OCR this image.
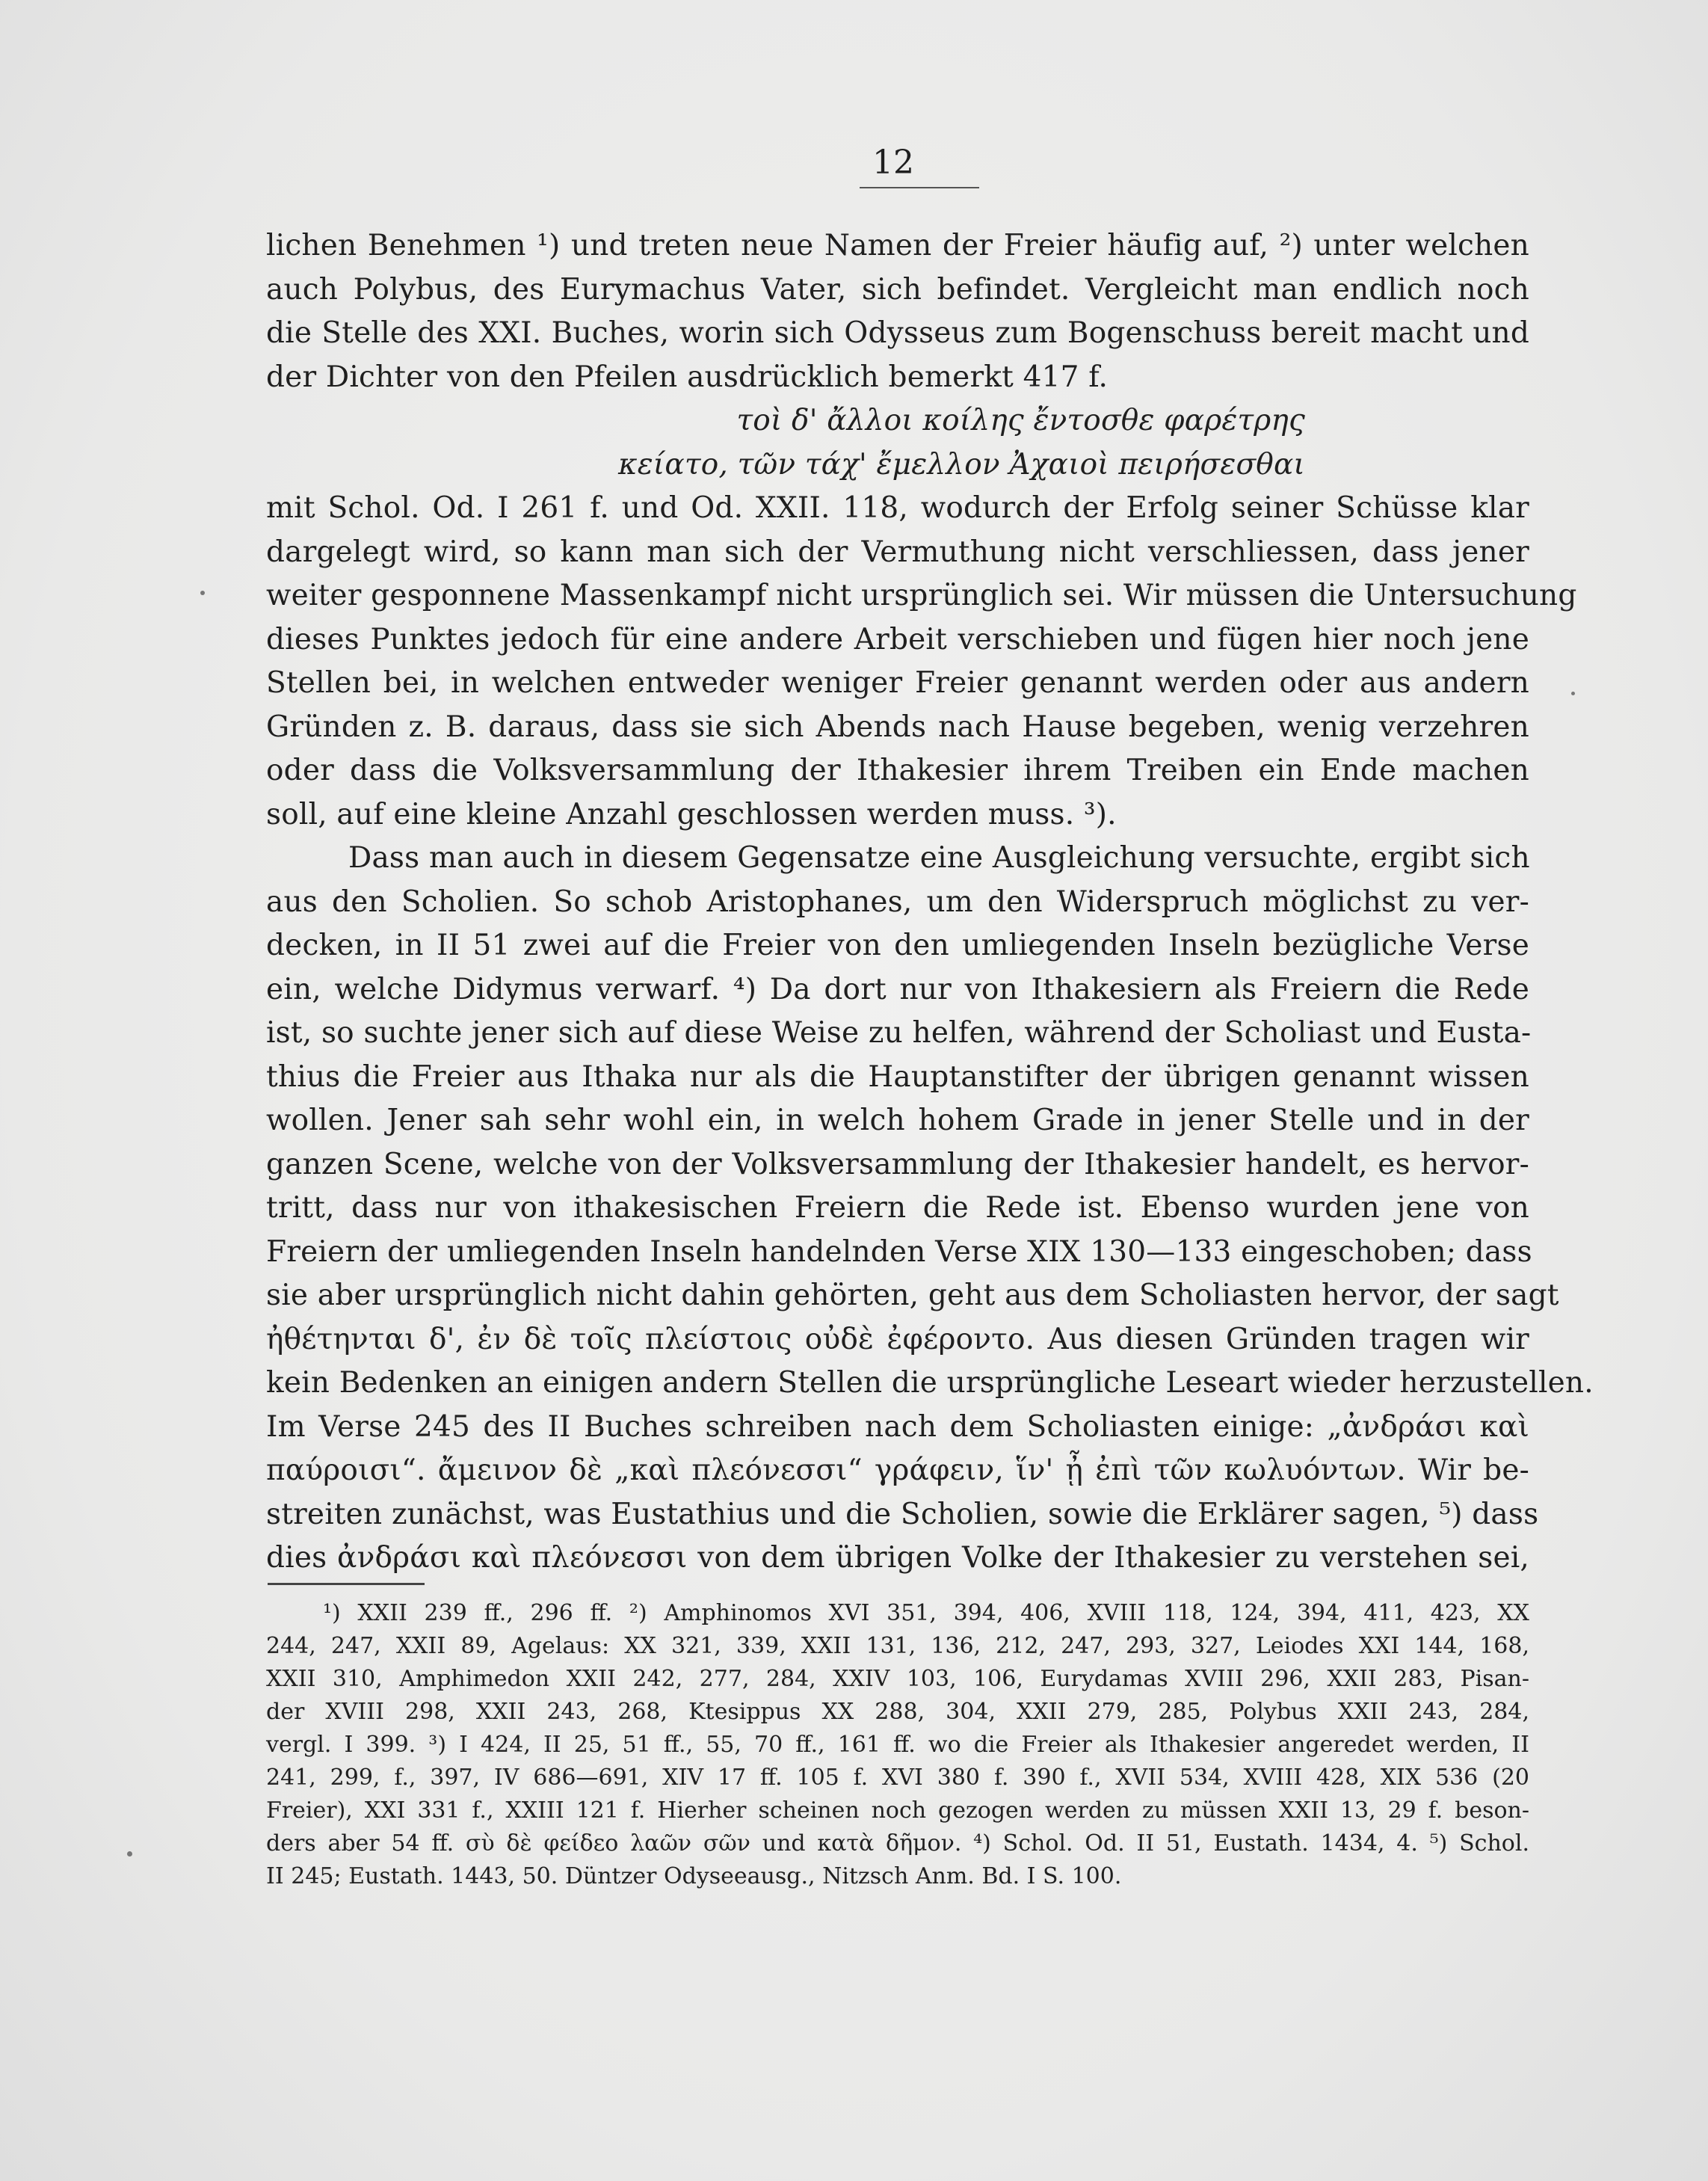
12
lichen Benehmen ¹) und treten neue Namen der Freier häufig auf, ²) unter welchen
auch Polybus, des Eurymachus Vater, sich befindet. Vergleicht man endlich noch
die Stelle des XXI. Buches, worin sich Odysseus zum Bogenschuss bereit macht und
der Dichter von den Pfeilen ausdrücklich bemerkt 417 f.
τοὶ δ' ἄλλοι κοίλης ἔντοσθε φαρέτρης
κείατο, τῶν τάχ' ἔμελλον Ἀχαιοὶ πειρήσεσθαι
mit Schol. Od. I 261 f. und Od. XXII. 118, wodurch der Erfolg seiner Schüsse klar
dargelegt wird, so kann man sich der Vermuthung nicht verschliessen, dass jener
weiter gesponnene Massenkampf nicht ursprünglich sei. Wir müssen die Untersuchung
dieses Punktes jedoch für eine andere Arbeit verschieben und fügen hier noch jene
Stellen bei, in welchen entweder weniger Freier genannt werden oder aus andern
Gründen z. B. daraus, dass sie sich Abends nach Hause begeben, wenig verzehren
oder dass die Volksversammlung der Ithakesier ihrem Treiben ein Ende machen
soll, auf eine kleine Anzahl geschlossen werden muss. ³).
Dass man auch in diesem Gegensatze eine Ausgleichung versuchte, ergibt sich
aus den Scholien. So schob Aristophanes, um den Widerspruch möglichst zu ver-
decken, in II 51 zwei auf die Freier von den umliegenden Inseln bezügliche Verse
ein, welche Didymus verwarf. ⁴) Da dort nur von Ithakesiern als Freiern die Rede
ist, so suchte jener sich auf diese Weise zu helfen, während der Scholiast und Eusta-
thius die Freier aus Ithaka nur als die Hauptanstifter der übrigen genannt wissen
wollen. Jener sah sehr wohl ein, in welch hohem Grade in jener Stelle und in der
ganzen Scene, welche von der Volksversammlung der Ithakesier handelt, es hervor-
tritt, dass nur von ithakesischen Freiern die Rede ist. Ebenso wurden jene von
Freiern der umliegenden Inseln handelnden Verse XIX 130—133 eingeschoben; dass
sie aber ursprünglich nicht dahin gehörten, geht aus dem Scholiasten hervor, der sagt
ἠθέτηνται δ', ἐν δὲ τοῖς πλείστοις οὐδὲ ἐφέροντο. Aus diesen Gründen tragen wir
kein Bedenken an einigen andern Stellen die ursprüngliche Leseart wieder herzustellen.
Im Verse 245 des II Buches schreiben nach dem Scholiasten einige: „ἀνδράσι καὶ
παύροισι“. ἄμεινον δὲ „καὶ πλεόνεσσι“ γράφειν, ἵν' ᾖ ἐπὶ τῶν κωλυόντων. Wir be-
streiten zunächst, was Eustathius und die Scholien, sowie die Erklärer sagen, ⁵) dass
dies ἀνδράσι καὶ πλεόνεσσι von dem übrigen Volke der Ithakesier zu verstehen sei,
¹) XXII 239 ff., 296 ff. ²) Amphinomos XVI 351, 394, 406, XVIII 118, 124, 394, 411, 423, XX
244, 247, XXII 89, Agelaus: XX 321, 339, XXII 131, 136, 212, 247, 293, 327, Leiodes XXI 144, 168,
XXII 310, Amphimedon XXII 242, 277, 284, XXIV 103, 106, Eurydamas XVIII 296, XXII 283, Pisan-
der XVIII 298, XXII 243, 268, Ktesippus XX 288, 304, XXII 279, 285, Polybus XXII 243, 284,
vergl. I 399. ³) I 424, II 25, 51 ff., 55, 70 ff., 161 ff. wo die Freier als Ithakesier angeredet werden, II
241, 299, f., 397, IV 686—691, XIV 17 ff. 105 f. XVI 380 f. 390 f., XVII 534, XVIII 428, XIX 536 (20
Freier), XXI 331 f., XXIII 121 f. Hierher scheinen noch gezogen werden zu müssen XXII 13, 29 f. beson-
ders aber 54 ff. σὺ δὲ φείδεο λαῶν σῶν und κατὰ δῆμον. ⁴) Schol. Od. II 51, Eustath. 1434, 4. ⁵) Schol.
II 245; Eustath. 1443, 50. Düntzer Odyseeausg., Nitzsch Anm. Bd. I S. 100.
